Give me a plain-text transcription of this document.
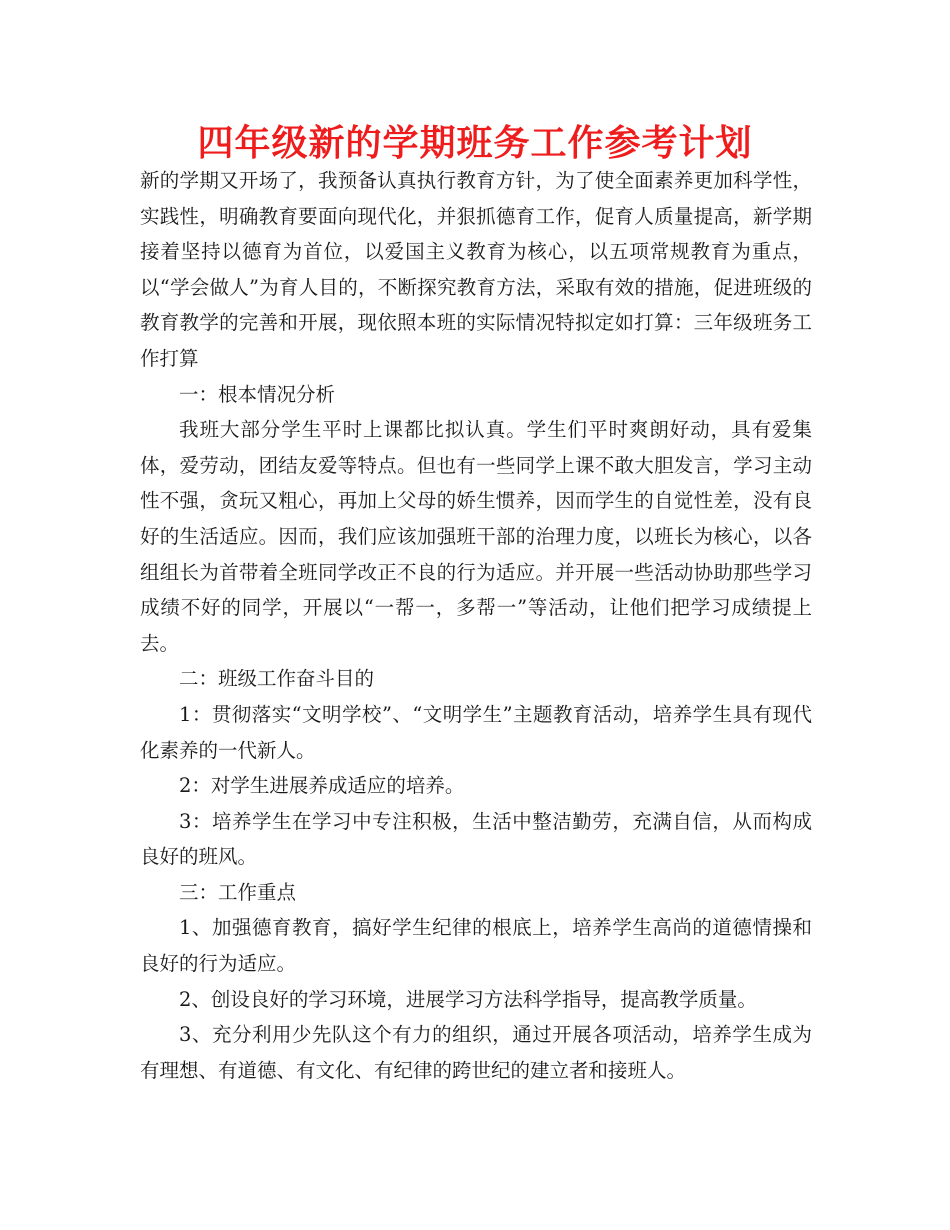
四年级新的学期班务工作参考计划

新的学期又开场了，我预备认真执行教育方针，为了使全面素养更加科学性，实践性，明确教育要面向现代化，并狠抓德育工作，促育人质量提高，新学期接着坚持以德育为首位，以爱国主义教育为核心，以五项常规教育为重点，以“学会做人”为育人目的，不断探究教育方法，采取有效的措施，促进班级的教育教学的完善和开展，现依照本班的实际情况特拟定如打算：三年级班务工作打算

一：根本情况分析

我班大部分学生平时上课都比拟认真。学生们平时爽朗好动，具有爱集体，爱劳动，团结友爱等特点。但也有一些同学上课不敢大胆发言，学习主动性不强，贪玩又粗心，再加上父母的娇生惯养，因而学生的自觉性差，没有良好的生活适应。因而，我们应该加强班干部的治理力度，以班长为核心，以各组组长为首带着全班同学改正不良的行为适应。并开展一些活动协助那些学习成绩不好的同学，开展以“一帮一，多帮一”等活动，让他们把学习成绩提上去。

二：班级工作奋斗目的

1：贯彻落实“文明学校”、“文明学生”主题教育活动，培养学生具有现代化素养的一代新人。

2：对学生进展养成适应的培养。

3：培养学生在学习中专注积极，生活中整洁勤劳，充满自信，从而构成良好的班风。

三：工作重点

1、加强德育教育，搞好学生纪律的根底上，培养学生高尚的道德情操和良好的行为适应。

2、创设良好的学习环境，进展学习方法科学指导，提高教学质量。

3、充分利用少先队这个有力的组织，通过开展各项活动，培养学生成为有理想、有道德、有文化、有纪律的跨世纪的建立者和接班人。
